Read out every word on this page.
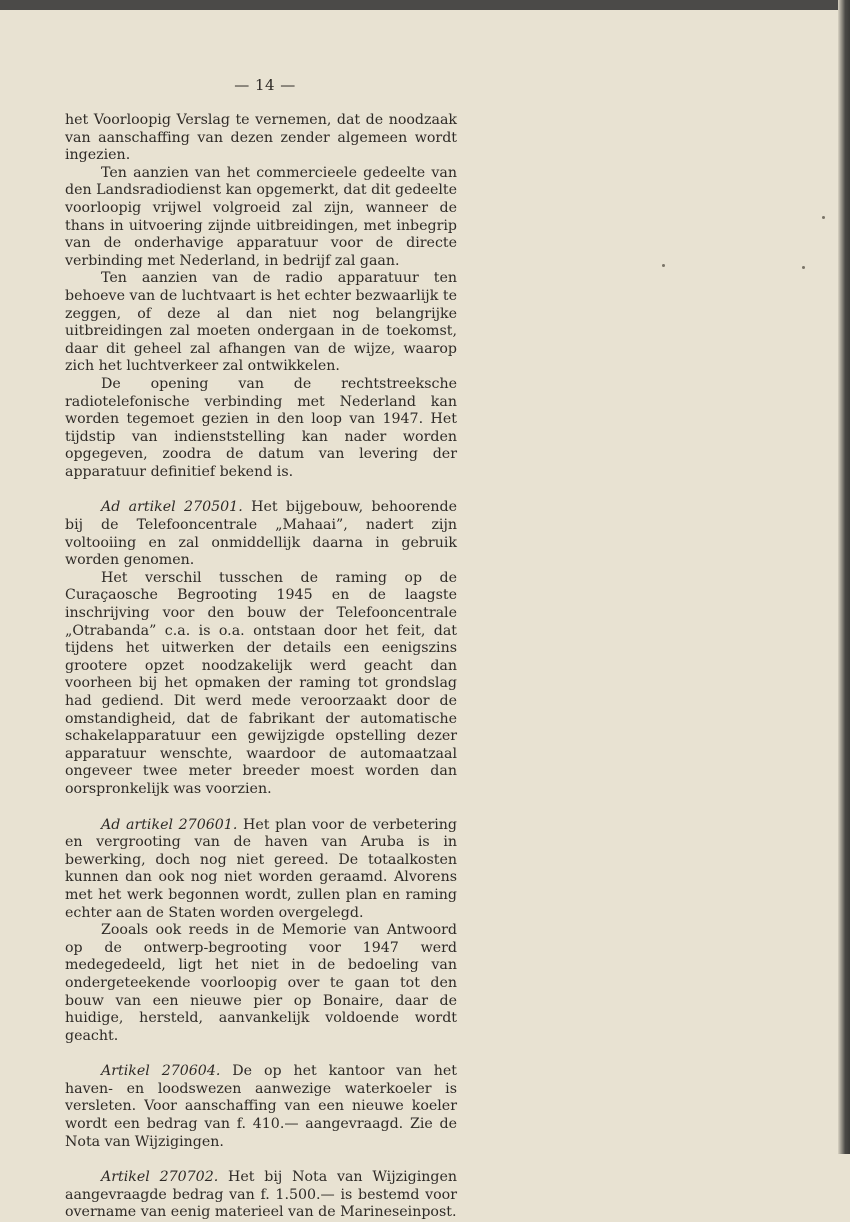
— 14 —

het Voorloopig Verslag te vernemen, dat de noodzaak van aanschaffing van dezen zender algemeen wordt ingezien.

Ten aanzien van het commercieele gedeelte van den Landsradiodienst kan opgemerkt, dat dit gedeelte voorloopig vrijwel volgroeid zal zijn, wanneer de thans in uitvoering zijnde uitbreidingen, met inbegrip van de onderhavige apparatuur voor de directe verbinding met Nederland, in bedrijf zal gaan.

Ten aanzien van de radio apparatuur ten behoeve van de luchtvaart is het echter bezwaarlijk te zeggen, of deze al dan niet nog belangrijke uitbreidingen zal moeten ondergaan in de toekomst, daar dit geheel zal afhangen van de wijze, waarop zich het luchtverkeer zal ontwikkelen.

De opening van de rechtstreeksche radiotelefonische verbinding met Nederland kan worden tegemoet gezien in den loop van 1947. Het tijdstip van indienststelling kan nader worden opgegeven, zoodra de datum van levering der apparatuur definitief bekend is.

Ad artikel 270501. Het bijgebouw, behoorende bij de Telefooncentrale „Mahaai”, nadert zijn voltooiing en zal onmiddellijk daarna in gebruik worden genomen.

Het verschil tusschen de raming op de Curaçaosche Begrooting 1945 en de laagste inschrijving voor den bouw der Telefooncentrale „Otrabanda” c.a. is o.a. ontstaan door het feit, dat tijdens het uitwerken der details een eenigszins grootere opzet noodzakelijk werd geacht dan voorheen bij het opmaken der raming tot grondslag had gediend. Dit werd mede veroorzaakt door de omstandigheid, dat de fabrikant der automatische schakelapparatuur een gewijzigde opstelling dezer apparatuur wenschte, waardoor de automaatzaal ongeveer twee meter breeder moest worden dan oorspronkelijk was voorzien.

Ad artikel 270601. Het plan voor de verbetering en vergrooting van de haven van Aruba is in bewerking, doch nog niet gereed. De totaalkosten kunnen dan ook nog niet worden geraamd. Alvorens met het werk begonnen wordt, zullen plan en raming echter aan de Staten worden overgelegd.

Zooals ook reeds in de Memorie van Antwoord op de ontwerp-begrooting voor 1947 werd medegedeeld, ligt het niet in de bedoeling van ondergeteekende voorloopig over te gaan tot den bouw van een nieuwe pier op Bonaire, daar de huidige, hersteld, aanvankelijk voldoende wordt geacht.

Artikel 270604. De op het kantoor van het haven- en loodswezen aanwezige waterkoeler is versleten. Voor aanschaffing van een nieuwe koeler wordt een bedrag van f. 410.— aangevraagd. Zie de Nota van Wijzigingen.

Artikel 270702. Het bij Nota van Wijzigingen aangevraagde bedrag van f. 1.500.— is bestemd voor overname van eenig materieel van de Marineseinpost.
